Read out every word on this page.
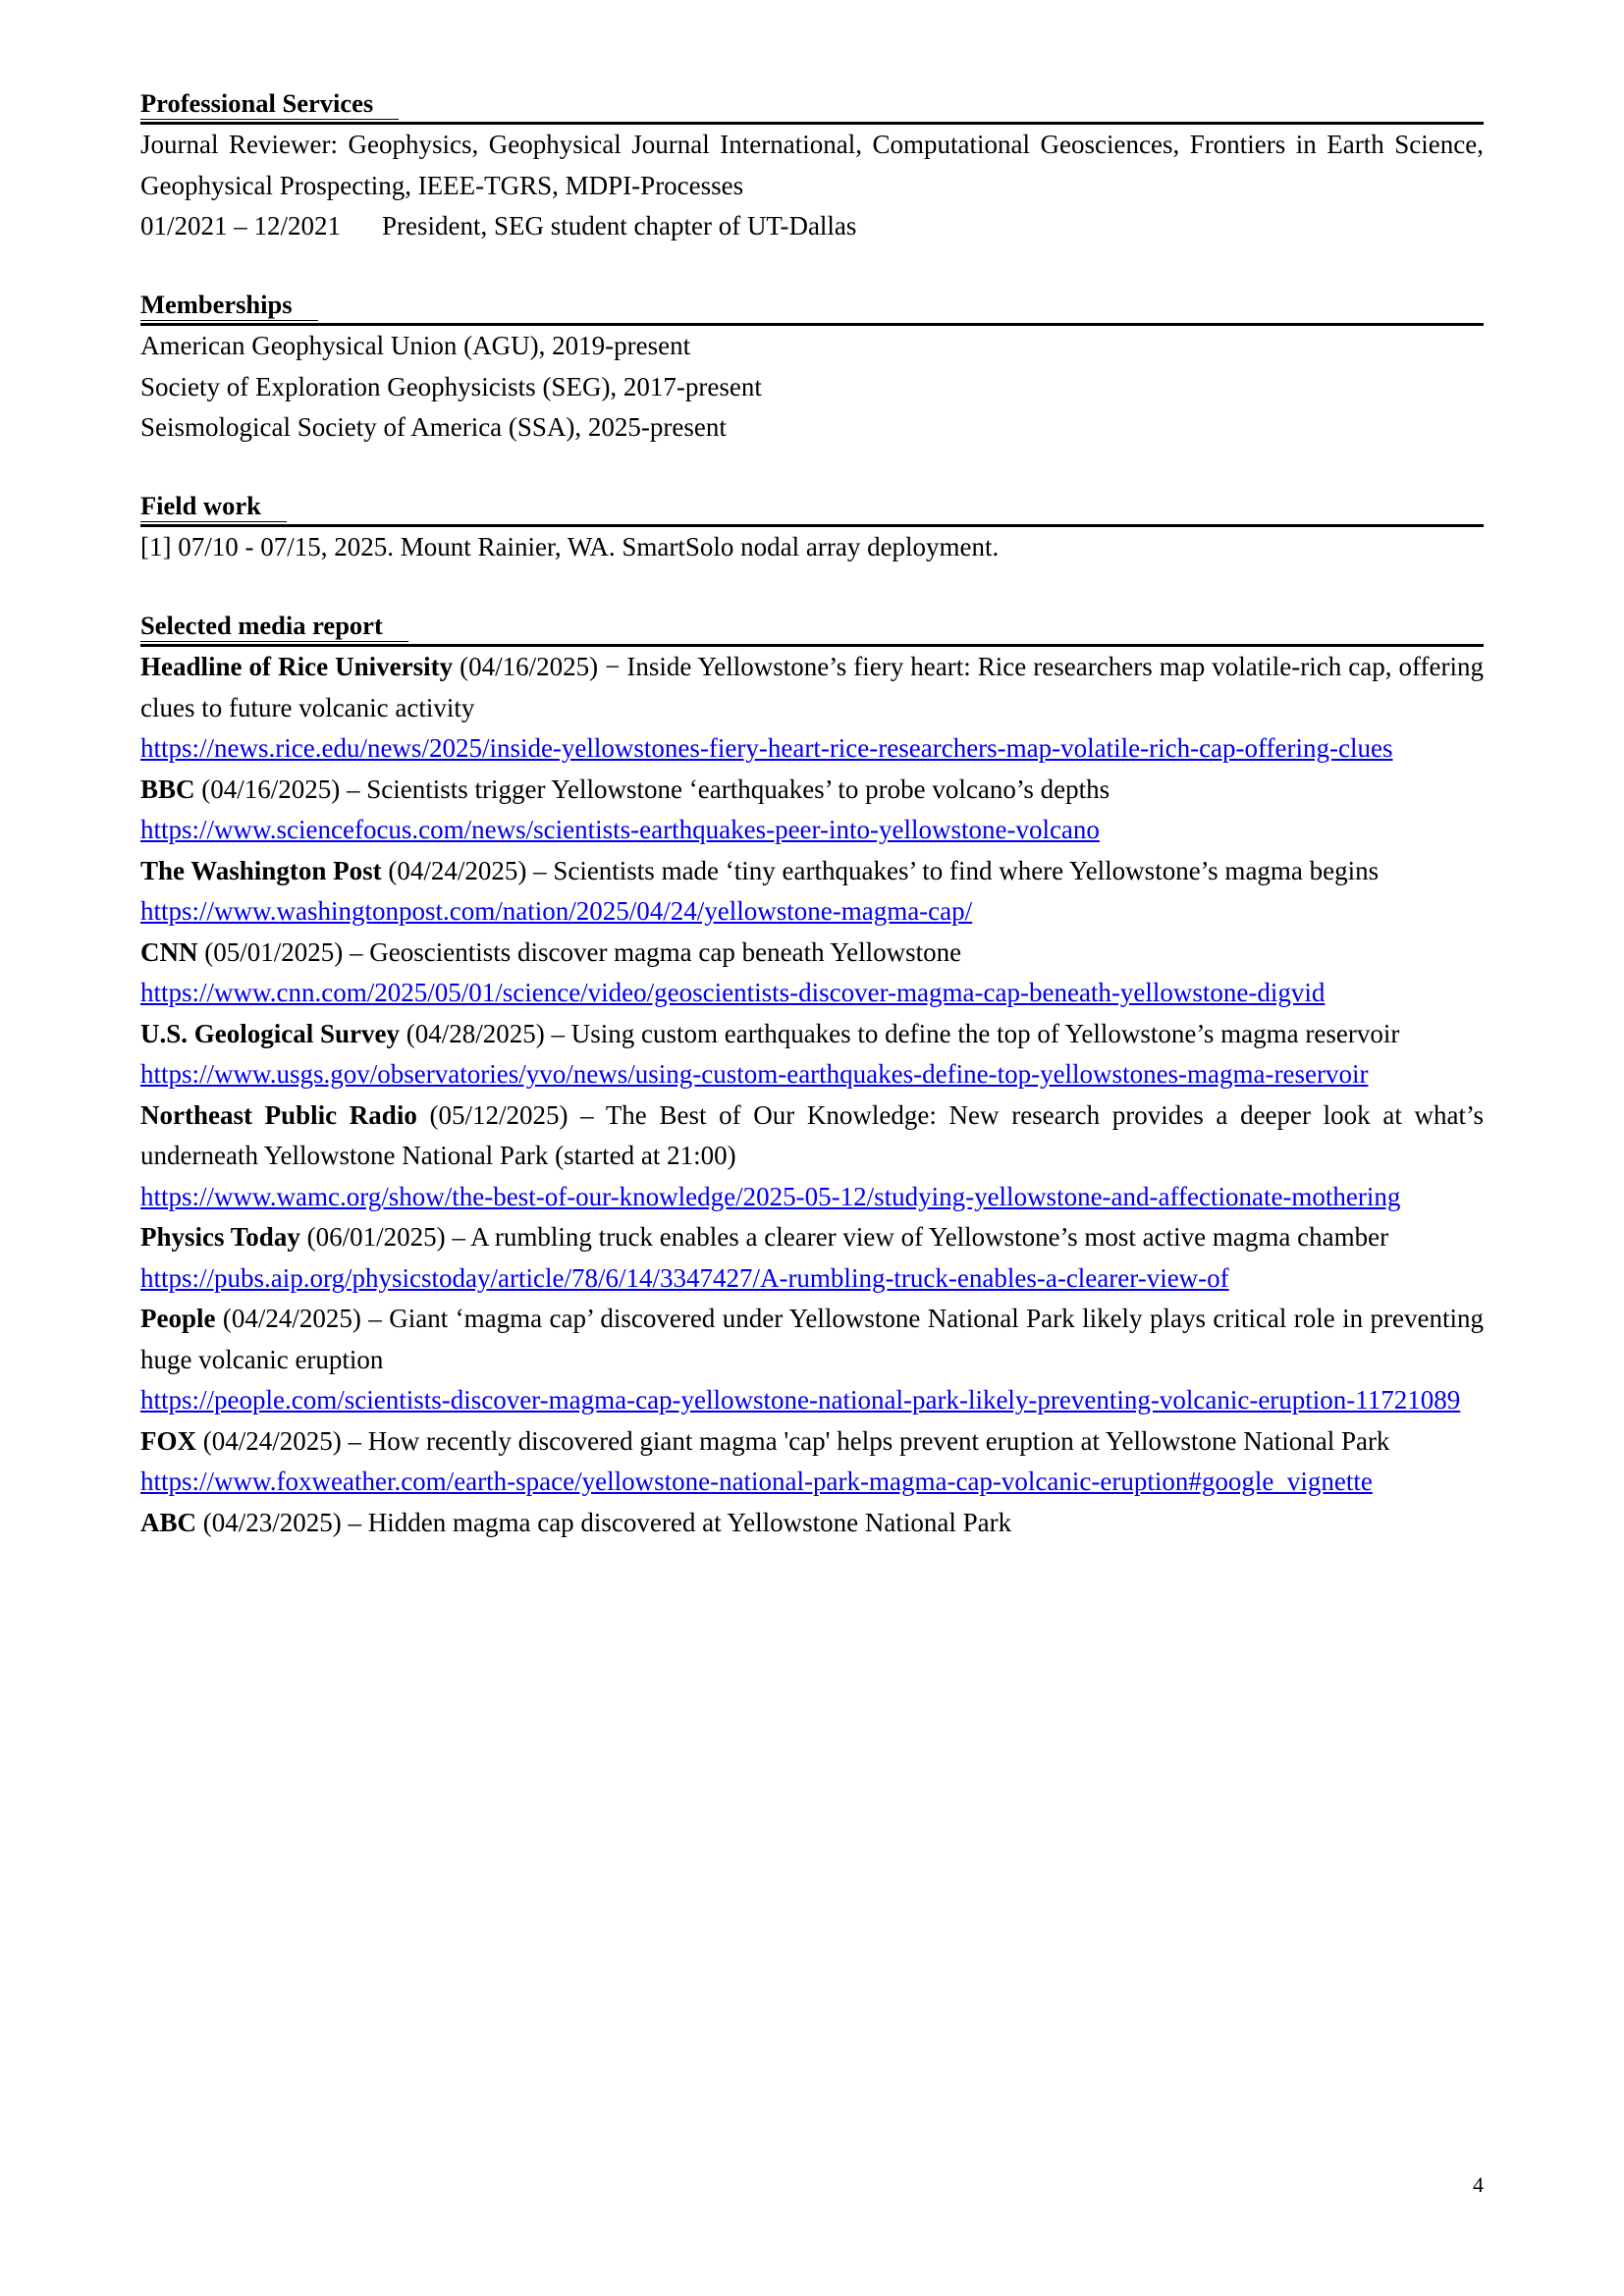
Professional Services

Journal Reviewer: Geophysics, Geophysical Journal International, Computational Geosciences, Frontiers in Earth Science, Geophysical Prospecting, IEEE-TGRS, MDPI-Processes

01/2021 – 12/2021 President, SEG student chapter of UT-Dallas

Memberships

American Geophysical Union (AGU), 2019-present

Society of Exploration Geophysicists (SEG), 2017-present

Seismological Society of America (SSA), 2025-present

Field work

[1] 07/10 - 07/15, 2025. Mount Rainier, WA. SmartSolo nodal array deployment.

Selected media report

Headline of Rice University (04/16/2025) − Inside Yellowstone’s fiery heart: Rice researchers map volatile-rich cap, offering clues to future volcanic activity

https://news.rice.edu/news/2025/inside-yellowstones-fiery-heart-rice-researchers-map-volatile-rich-cap-offering-clues

BBC (04/16/2025) – Scientists trigger Yellowstone ‘earthquakes’ to probe volcano’s depths

https://www.sciencefocus.com/news/scientists-earthquakes-peer-into-yellowstone-volcano

The Washington Post (04/24/2025) – Scientists made ‘tiny earthquakes’ to find where Yellowstone’s magma begins

https://www.washingtonpost.com/nation/2025/04/24/yellowstone-magma-cap/

CNN (05/01/2025) – Geoscientists discover magma cap beneath Yellowstone

https://www.cnn.com/2025/05/01/science/video/geoscientists-discover-magma-cap-beneath-yellowstone-digvid

U.S. Geological Survey (04/28/2025) – Using custom earthquakes to define the top of Yellowstone’s magma reservoir

https://www.usgs.gov/observatories/yvo/news/using-custom-earthquakes-define-top-yellowstones-magma-reservoir

Northeast Public Radio (05/12/2025) – The Best of Our Knowledge: New research provides a deeper look at what’s underneath Yellowstone National Park (started at 21:00)

https://www.wamc.org/show/the-best-of-our-knowledge/2025-05-12/studying-yellowstone-and-affectionate-mothering

Physics Today (06/01/2025) – A rumbling truck enables a clearer view of Yellowstone’s most active magma chamber

https://pubs.aip.org/physicstoday/article/78/6/14/3347427/A-rumbling-truck-enables-a-clearer-view-of

People (04/24/2025) – Giant ‘magma cap’ discovered under Yellowstone National Park likely plays critical role in preventing huge volcanic eruption

https://people.com/scientists-discover-magma-cap-yellowstone-national-park-likely-preventing-volcanic-eruption-11721089

FOX (04/24/2025) – How recently discovered giant magma 'cap' helps prevent eruption at Yellowstone National Park

https://www.foxweather.com/earth-space/yellowstone-national-park-magma-cap-volcanic-eruption#google_vignette

ABC (04/23/2025) – Hidden magma cap discovered at Yellowstone National Park

4
